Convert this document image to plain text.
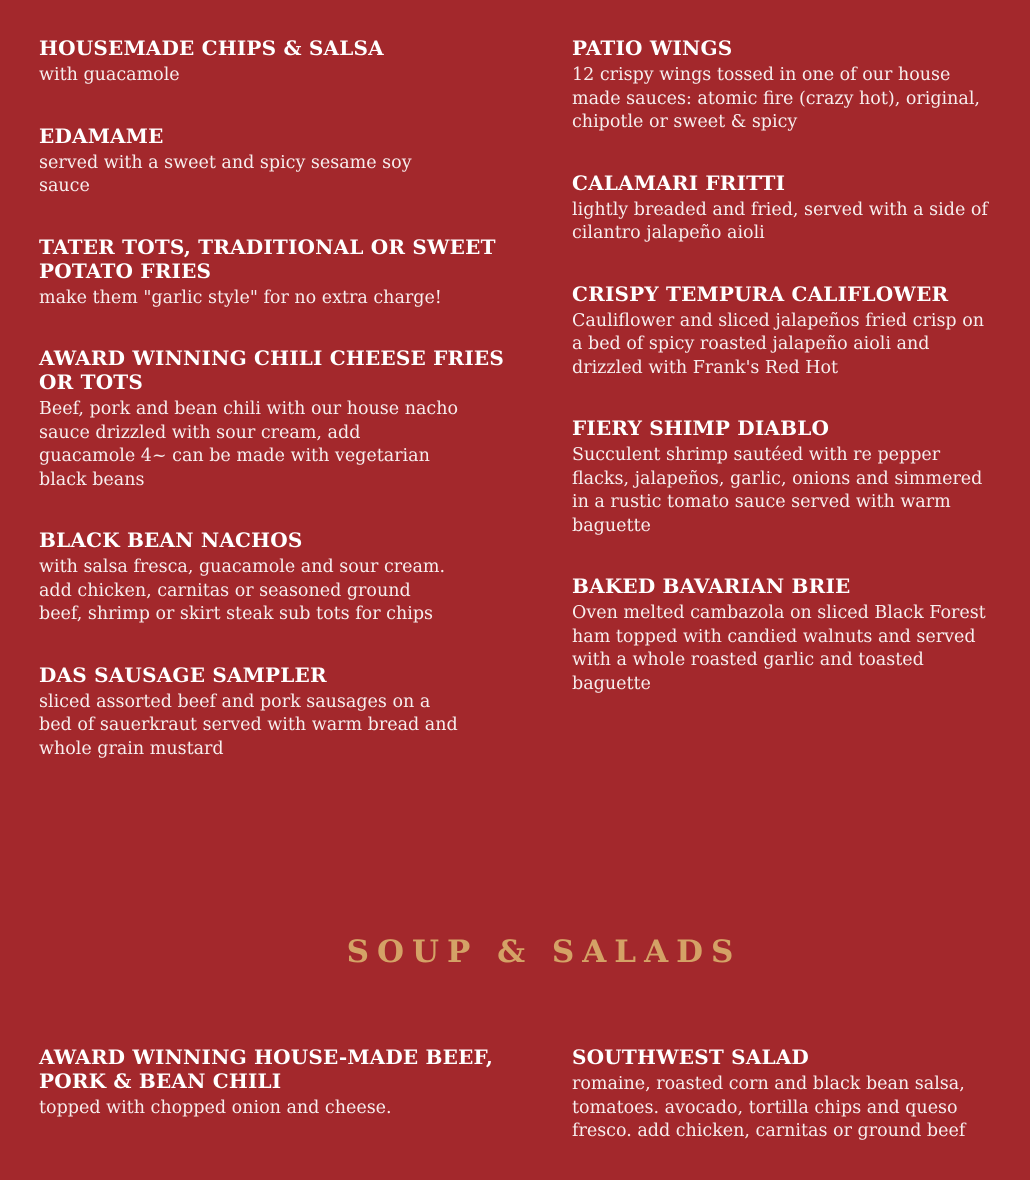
HOUSEMADE CHIPS & SALSA

with guacamole

EDAMAME

served with a sweet and spicy sesame soy sauce

TATER TOTS, TRADITIONAL OR SWEET POTATO FRIES

make them "garlic style" for no extra charge!

AWARD WINNING CHILI CHEESE FRIES OR TOTS

Beef, pork and bean chili with our house nacho sauce drizzled with sour cream, add guacamole 4~ can be made with vegetarian black beans

BLACK BEAN NACHOS

with salsa fresca, guacamole and sour cream. add chicken, carnitas or seasoned ground beef, shrimp or skirt steak sub tots for chips

DAS SAUSAGE SAMPLER

sliced assorted beef and pork sausages on a bed of sauerkraut served with warm bread and whole grain mustard

PATIO WINGS

12 crispy wings tossed in one of our house made sauces: atomic fire (crazy hot), original, chipotle or sweet & spicy

CALAMARI FRITTI

lightly breaded and fried, served with a side of cilantro jalapeño aioli

CRISPY TEMPURA CALIFLOWER

Cauliflower and sliced jalapeños fried crisp on a bed of spicy roasted jalapeño aioli and drizzled with Frank's Red Hot

FIERY SHIMP DIABLO

Succulent shrimp sautéed with re pepper flacks, jalapeños, garlic, onions and simmered in a rustic tomato sauce served with warm baguette

BAKED BAVARIAN BRIE

Oven melted cambazola on sliced Black Forest ham topped with candied walnuts and served with a whole roasted garlic and toasted baguette

SOUP & SALADS
AWARD WINNING HOUSE-MADE BEEF, PORK & BEAN CHILI

topped with chopped onion and cheese.

SOUTHWEST SALAD

romaine, roasted corn and black bean salsa, tomatoes. avocado, tortilla chips and queso fresco. add chicken, carnitas or ground beef
